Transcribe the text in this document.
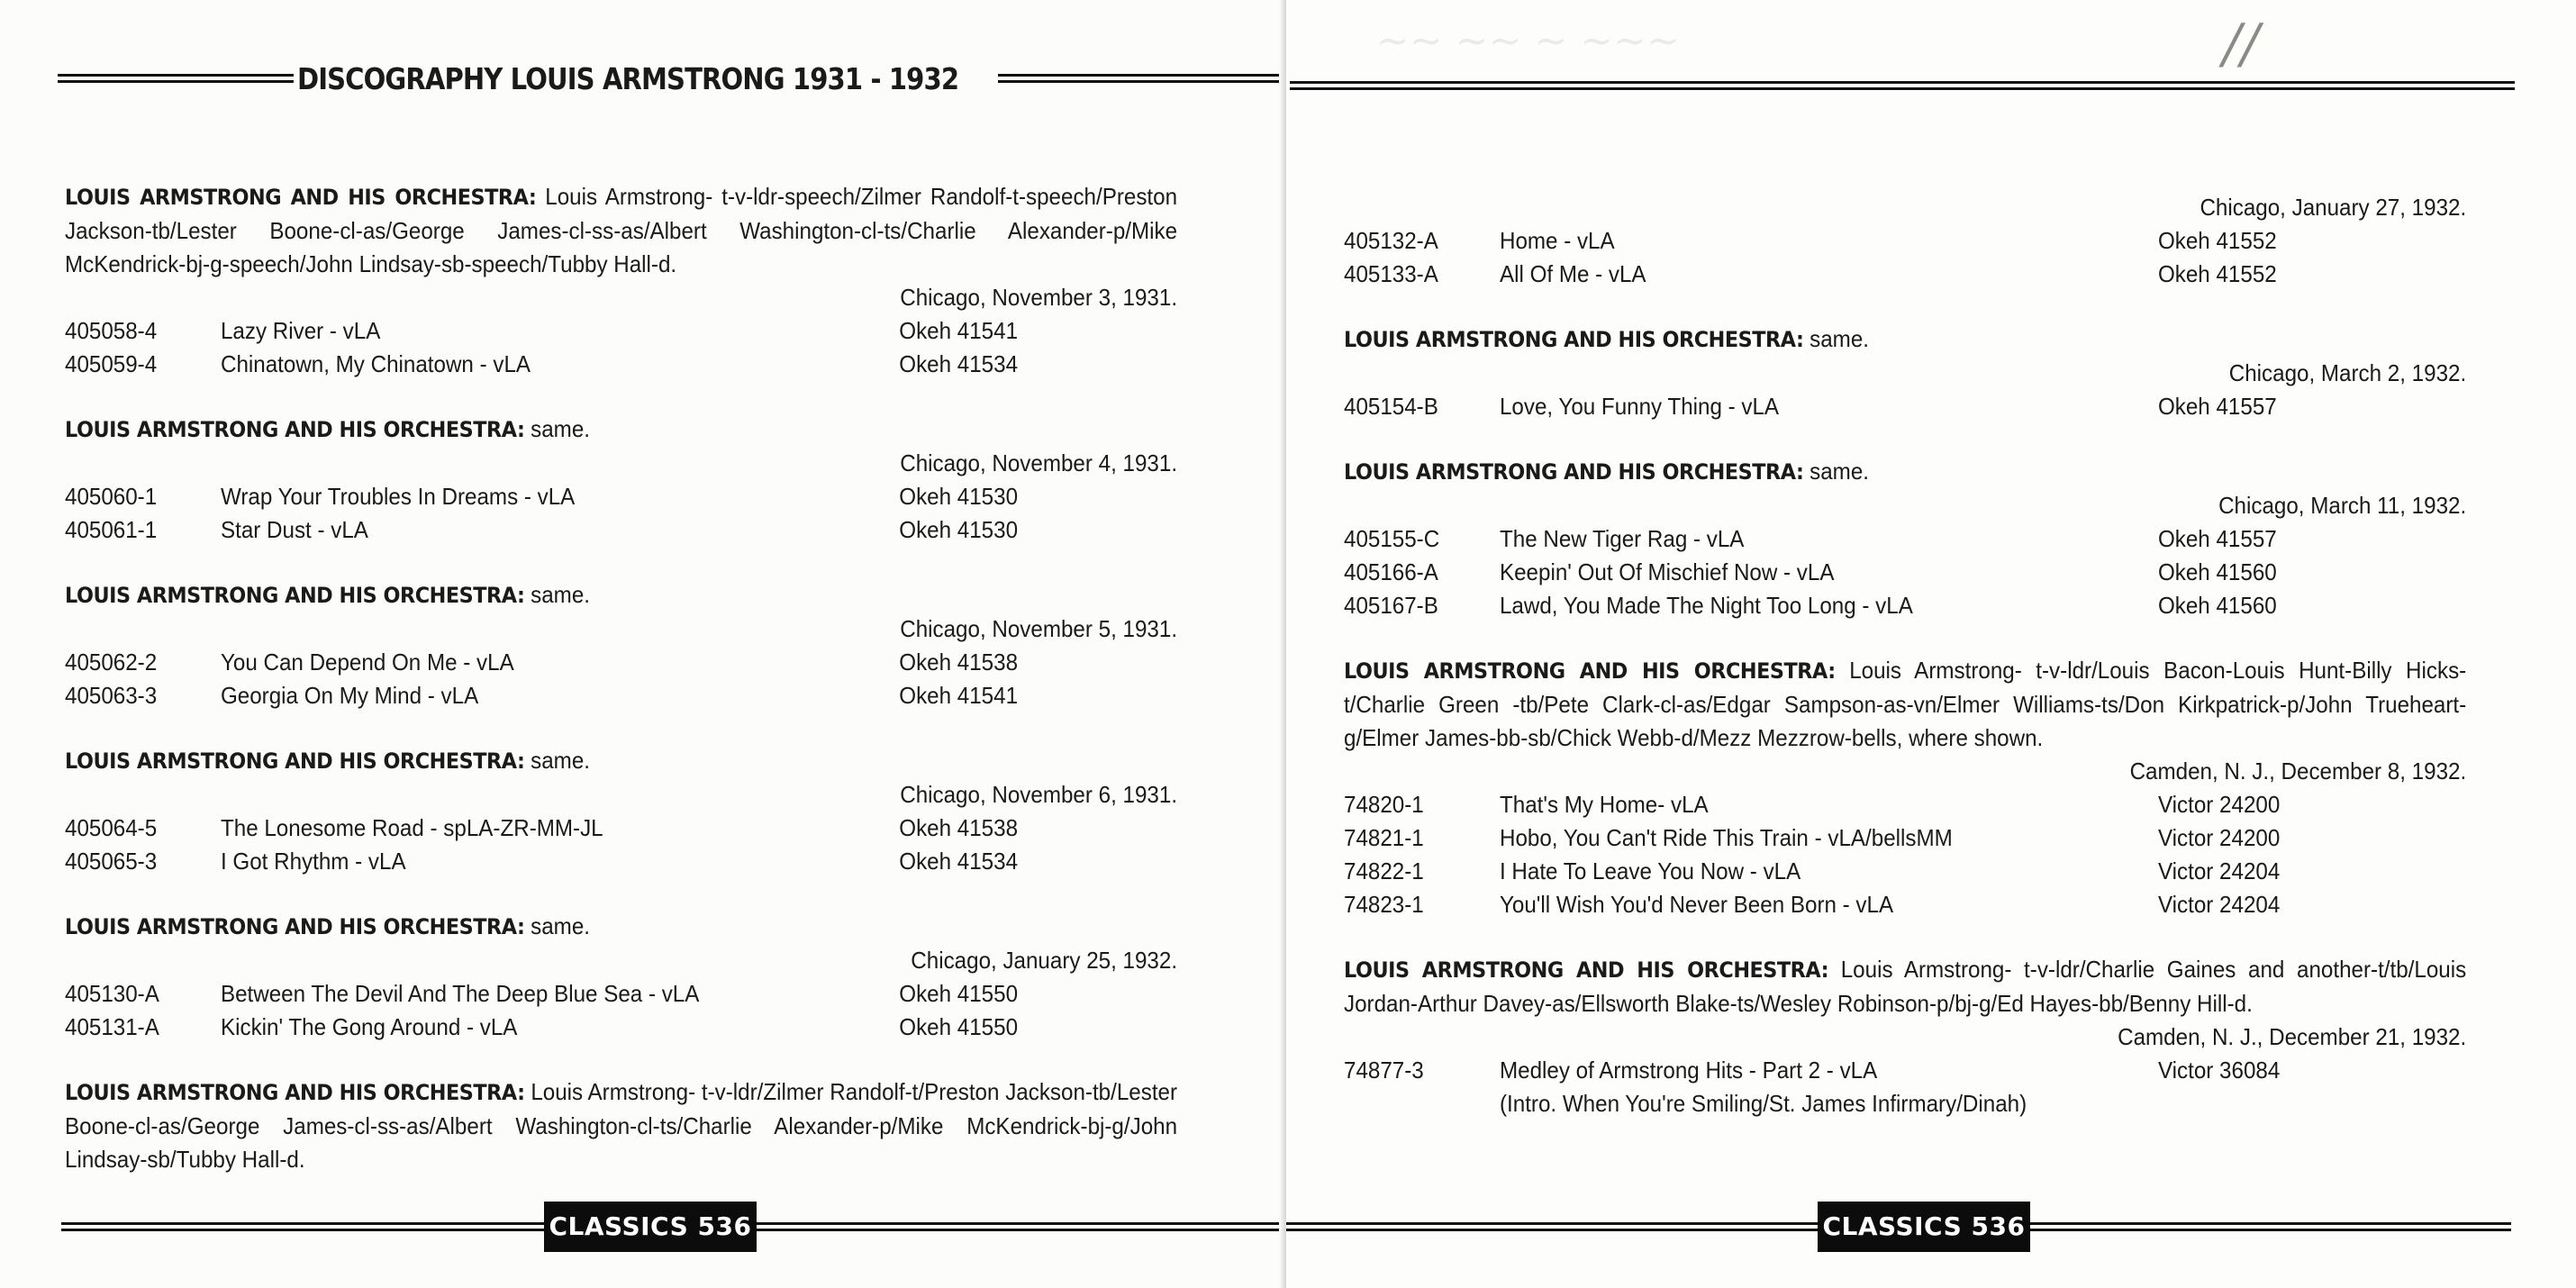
DISCOGRAPHY LOUIS ARMSTRONG 1931 - 1932
LOUIS ARMSTRONG AND HIS ORCHESTRA: Louis Armstrong- t-v-ldr-speech/Zilmer Randolf-t-speech/Preston Jackson-tb/Lester Boone-cl-as/George James-cl-ss-as/Albert Washington-cl-ts/Charlie Alexander-p/Mike McKendrick-bj-g-speech/John Lindsay-sb-speech/Tubby Hall-d.
Chicago, November 3, 1931.
405058-4	Lazy River - vLA	Okeh 41541
405059-4	Chinatown, My Chinatown - vLA	Okeh 41534
LOUIS ARMSTRONG AND HIS ORCHESTRA: same.
Chicago, November 4, 1931.
405060-1	Wrap Your Troubles In Dreams - vLA	Okeh 41530
405061-1	Star Dust - vLA	Okeh 41530
LOUIS ARMSTRONG AND HIS ORCHESTRA: same.
Chicago, November 5, 1931.
405062-2	You Can Depend On Me - vLA	Okeh 41538
405063-3	Georgia On My Mind - vLA	Okeh 41541
LOUIS ARMSTRONG AND HIS ORCHESTRA: same.
Chicago, November 6, 1931.
405064-5	The Lonesome Road - spLA-ZR-MM-JL	Okeh 41538
405065-3	I Got Rhythm - vLA	Okeh 41534
LOUIS ARMSTRONG AND HIS ORCHESTRA: same.
Chicago, January 25, 1932.
405130-A	Between The Devil And The Deep Blue Sea - vLA	Okeh 41550
405131-A	Kickin' The Gong Around - vLA	Okeh 41550
LOUIS ARMSTRONG AND HIS ORCHESTRA: Louis Armstrong- t-v-ldr/Zilmer Randolf-t/Preston Jackson-tb/Lester Boone-cl-as/George James-cl-ss-as/Albert Washington-cl-ts/Charlie Alexander-p/Mike McKendrick-bj-g/John Lindsay-sb/Tubby Hall-d.
CLASSICS 536
~~ ~~ ~ ~~~	//
Chicago, January 27, 1932.
405132-A	Home - vLA	Okeh 41552
405133-A	All Of Me - vLA	Okeh 41552
LOUIS ARMSTRONG AND HIS ORCHESTRA: same.
Chicago, March 2, 1932.
405154-B	Love, You Funny Thing - vLA	Okeh 41557
LOUIS ARMSTRONG AND HIS ORCHESTRA: same.
Chicago, March 11, 1932.
405155-C	The New Tiger Rag - vLA	Okeh 41557
405166-A	Keepin' Out Of Mischief Now - vLA	Okeh 41560
405167-B	Lawd, You Made The Night Too Long - vLA	Okeh 41560
LOUIS ARMSTRONG AND HIS ORCHESTRA: Louis Armstrong- t-v-ldr/Louis Bacon-Louis Hunt-Billy Hicks-t/Charlie Green -tb/Pete Clark-cl-as/Edgar Sampson-as-vn/Elmer Williams-ts/Don Kirkpatrick-p/John Trueheart-g/Elmer James-bb-sb/Chick Webb-d/Mezz Mezzrow-bells, where shown.
Camden, N. J., December 8, 1932.
74820-1	That's My Home- vLA	Victor 24200
74821-1	Hobo, You Can't Ride This Train - vLA/bellsMM	Victor 24200
74822-1	I Hate To Leave You Now - vLA	Victor 24204
74823-1	You'll Wish You'd Never Been Born - vLA	Victor 24204
LOUIS ARMSTRONG AND HIS ORCHESTRA: Louis Armstrong- t-v-ldr/Charlie Gaines and another-t/tb/Louis Jordan-Arthur Davey-as/Ellsworth Blake-ts/Wesley Robinson-p/bj-g/Ed Hayes-bb/Benny Hill-d.
Camden, N. J., December 21, 1932.
74877-3	Medley of Armstrong Hits - Part 2 - vLA	Victor 36084
(Intro. When You're Smiling/St. James Infirmary/Dinah)
CLASSICS 536
